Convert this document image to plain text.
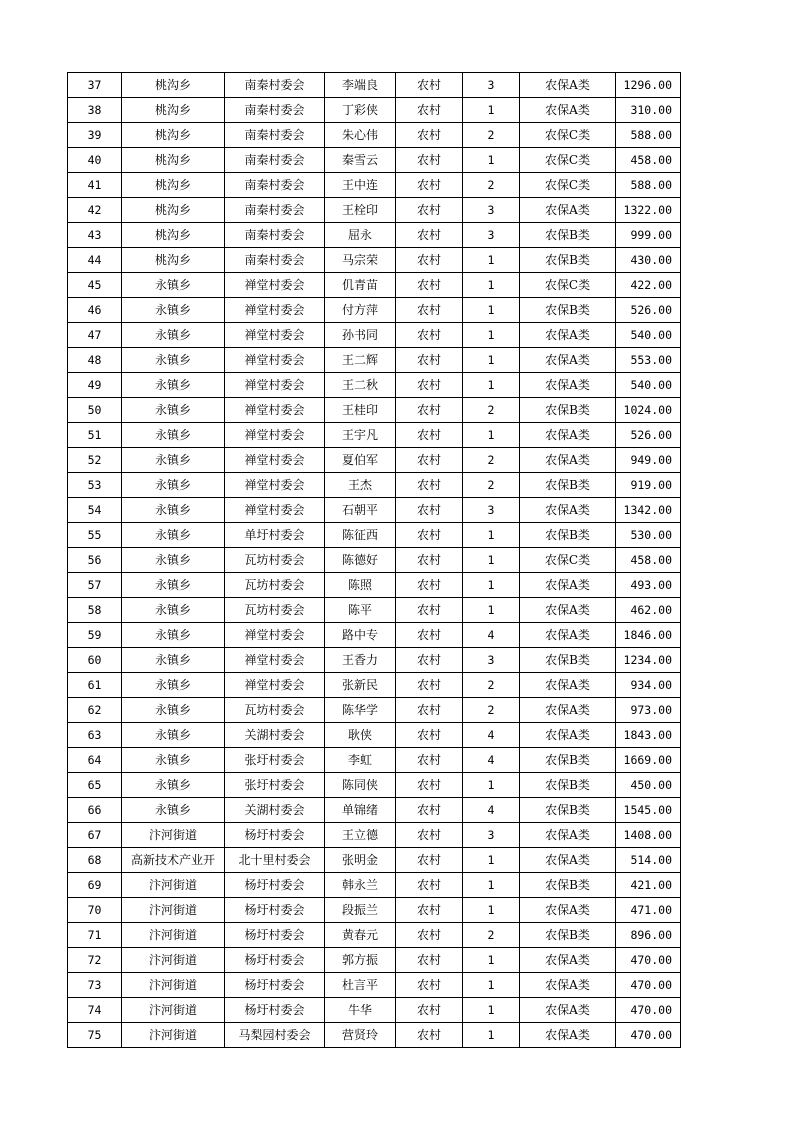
37	桃沟乡	南秦村委会	李端良	农村	3	农保A类	1296.00
38	桃沟乡	南秦村委会	丁彩侠	农村	1	农保A类	310.00
39	桃沟乡	南秦村委会	朱心伟	农村	2	农保C类	588.00
40	桃沟乡	南秦村委会	秦雪云	农村	1	农保C类	458.00
41	桃沟乡	南秦村委会	王中连	农村	2	农保C类	588.00
42	桃沟乡	南秦村委会	王栓印	农村	3	农保A类	1322.00
43	桃沟乡	南秦村委会	屈永	农村	3	农保B类	999.00
44	桃沟乡	南秦村委会	马宗荣	农村	1	农保B类	430.00
45	永镇乡	禅堂村委会	仉青苗	农村	1	农保C类	422.00
46	永镇乡	禅堂村委会	付方萍	农村	1	农保B类	526.00
47	永镇乡	禅堂村委会	孙书同	农村	1	农保A类	540.00
48	永镇乡	禅堂村委会	王二辉	农村	1	农保A类	553.00
49	永镇乡	禅堂村委会	王二秋	农村	1	农保A类	540.00
50	永镇乡	禅堂村委会	王桂印	农村	2	农保B类	1024.00
51	永镇乡	禅堂村委会	王宇凡	农村	1	农保A类	526.00
52	永镇乡	禅堂村委会	夏伯军	农村	2	农保A类	949.00
53	永镇乡	禅堂村委会	王杰	农村	2	农保B类	919.00
54	永镇乡	禅堂村委会	石朝平	农村	3	农保A类	1342.00
55	永镇乡	单圩村委会	陈征西	农村	1	农保B类	530.00
56	永镇乡	瓦坊村委会	陈德好	农村	1	农保C类	458.00
57	永镇乡	瓦坊村委会	陈照	农村	1	农保A类	493.00
58	永镇乡	瓦坊村委会	陈平	农村	1	农保A类	462.00
59	永镇乡	禅堂村委会	路中专	农村	4	农保A类	1846.00
60	永镇乡	禅堂村委会	王香力	农村	3	农保B类	1234.00
61	永镇乡	禅堂村委会	张新民	农村	2	农保A类	934.00
62	永镇乡	瓦坊村委会	陈华学	农村	2	农保A类	973.00
63	永镇乡	关湖村委会	耿侠	农村	4	农保A类	1843.00
64	永镇乡	张圩村委会	李虹	农村	4	农保B类	1669.00
65	永镇乡	张圩村委会	陈同侠	农村	1	农保B类	450.00
66	永镇乡	关湖村委会	单锦绪	农村	4	农保B类	1545.00
67	汴河街道	杨圩村委会	王立德	农村	3	农保A类	1408.00
68	高新技术产业开	北十里村委会	张明金	农村	1	农保A类	514.00
69	汴河街道	杨圩村委会	韩永兰	农村	1	农保B类	421.00
70	汴河街道	杨圩村委会	段振兰	农村	1	农保A类	471.00
71	汴河街道	杨圩村委会	黄春元	农村	2	农保B类	896.00
72	汴河街道	杨圩村委会	郭方振	农村	1	农保A类	470.00
73	汴河街道	杨圩村委会	杜言平	农村	1	农保A类	470.00
74	汴河街道	杨圩村委会	牛华	农村	1	农保A类	470.00
75	汴河街道	马梨园村委会	营贤玲	农村	1	农保A类	470.00
